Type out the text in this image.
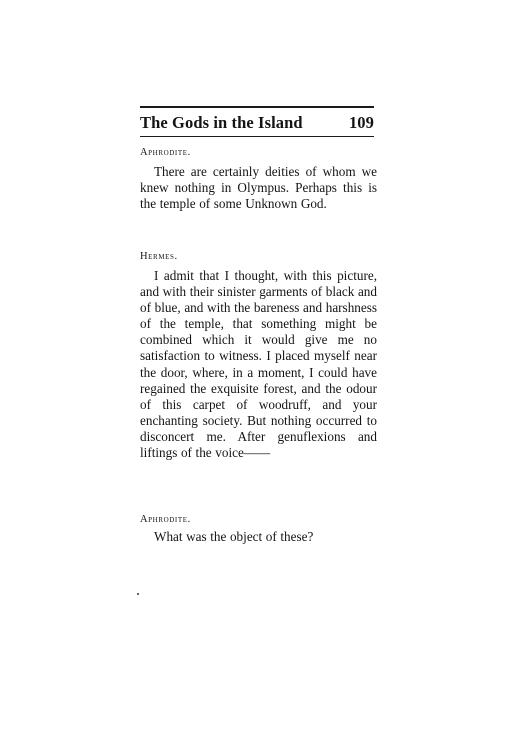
The Gods in the Island	109
Aphrodite.

There are certainly deities of whom we knew nothing in Olympus. Perhaps this is the temple of some Unknown God.

Hermes.

I admit that I thought, with this picture, and with their sinister garments of black and of blue, and with the bareness and harshness of the temple, that something might be combined which it would give me no satisfaction to witness. I placed myself near the door, where, in a moment, I could have regained the exquisite forest, and the odour of this carpet of woodruff, and your enchanting society. But nothing occurred to disconcert me. After genuflexions and liftings of the voice——

Aphrodite.

What was the object of these?
